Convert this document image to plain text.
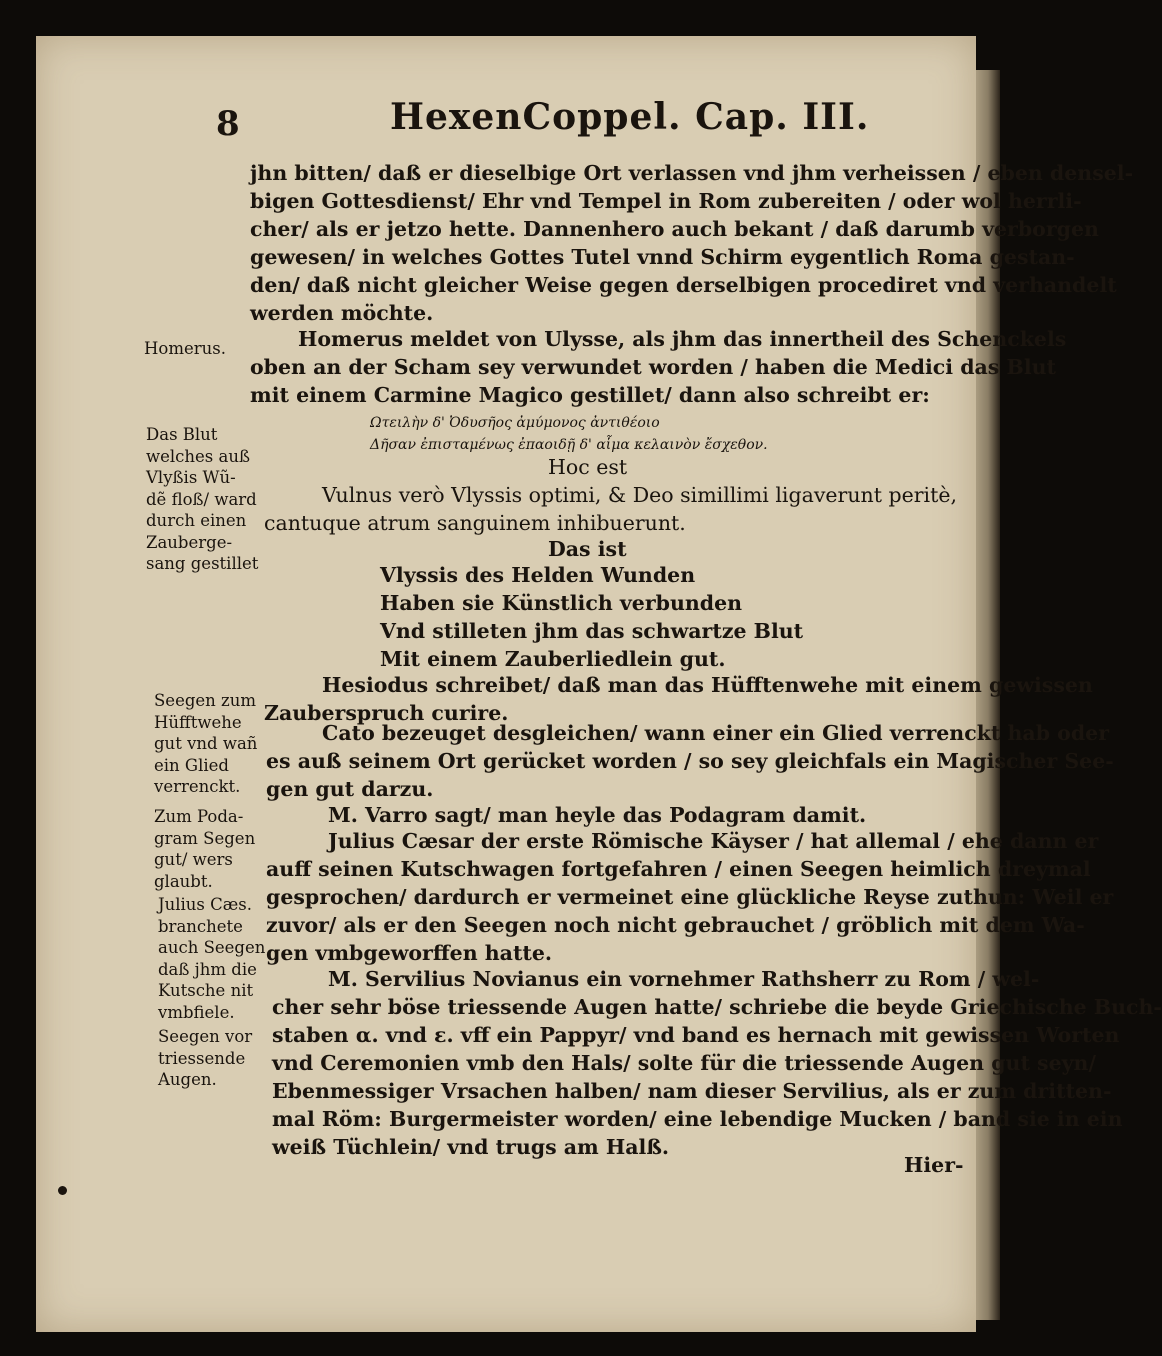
8	HexenCoppel. Cap. III.
jhn bitten/ daß er dieselbige Ort verlassen vnd jhm verheissen / eben densel-
bigen Gottesdienst/ Ehr vnd Tempel in Rom zubereiten / oder wol herrli-
cher/ als er jetzo hette. Dannenhero auch bekant / daß darumb verborgen
gewesen/ in welches Gottes Tutel vnnd Schirm eygentlich Roma gestan-
den/ daß nicht gleicher Weise gegen derselbigen procediret vnd verhandelt
werden möchte.
Homerus meldet von Ulysse, als jhm das innertheil des Schenckels
oben an der Scham sey verwundet worden / haben die Medici das Blut
mit einem Carmine Magico gestillet/ dann also schreibt er:
Ωτειλὴν δ' Ὀδυσῆος ἀμύμονος ἀντιθέοιο
Δῆσαν ἐπισταμένως ἐπαοιδῇ δ' αἷμα κελαινὸν ἔσχεθον.
Hoc est
Vulnus verò Vlyssis optimi, & Deo simillimi ligaverunt peritè,
cantuque atrum sanguinem inhibuerunt.
Das ist
Vlyssis des Helden Wunden
Haben sie Künstlich verbunden
Vnd stilleten jhm das schwartze Blut
Mit einem Zauberliedlein gut.
Hesiodus schreibet/ daß man das Hüfftenwehe mit einem gewissen
Zauberspruch curire.
Cato bezeuget desgleichen/ wann einer ein Glied verrenckt hab oder
es auß seinem Ort gerücket worden / so sey gleichfals ein Magischer See-
gen gut darzu.
M. Varro sagt/ man heyle das Podagram damit.
Julius Cæsar der erste Römische Käyser / hat allemal / ehe dann er
auff seinen Kutschwagen fortgefahren / einen Seegen heimlich dreymal
gesprochen/ dardurch er vermeinet eine glückliche Reyse zuthun: Weil er
zuvor/ als er den Seegen noch nicht gebrauchet / gröblich mit dem Wa-
gen vmbgeworffen hatte.
M. Servilius Novianus ein vornehmer Rathsherr zu Rom / wel-
cher sehr böse triessende Augen hatte/ schriebe die beyde Griechische Buch-
staben α. vnd ε. vff ein Pappyr/ vnd band es hernach mit gewissen Worten
vnd Ceremonien vmb den Hals/ solte für die triessende Augen gut seyn/
Ebenmessiger Vrsachen halben/ nam dieser Servilius, als er zum dritten-
mal Röm: Burgermeister worden/ eine lebendige Mucken / band sie in ein
weiß Tüchlein/ vnd trugs am Halß.
Hier-
Homerus.
Das Blut
welches auß
Vlyßis Wũ-
dẽ floß/ ward
durch einen
Zauberge-
sang gestillet
Seegen zum
Hüfftwehe
gut vnd wañ
ein Glied
verrenckt.
Zum Poda-
gram Segen
gut/ wers
glaubt.
Julius Cæs.
branchete
auch Seegen
daß jhm die
Kutsche nit
vmbfiele.
Seegen vor
triessende
Augen.
